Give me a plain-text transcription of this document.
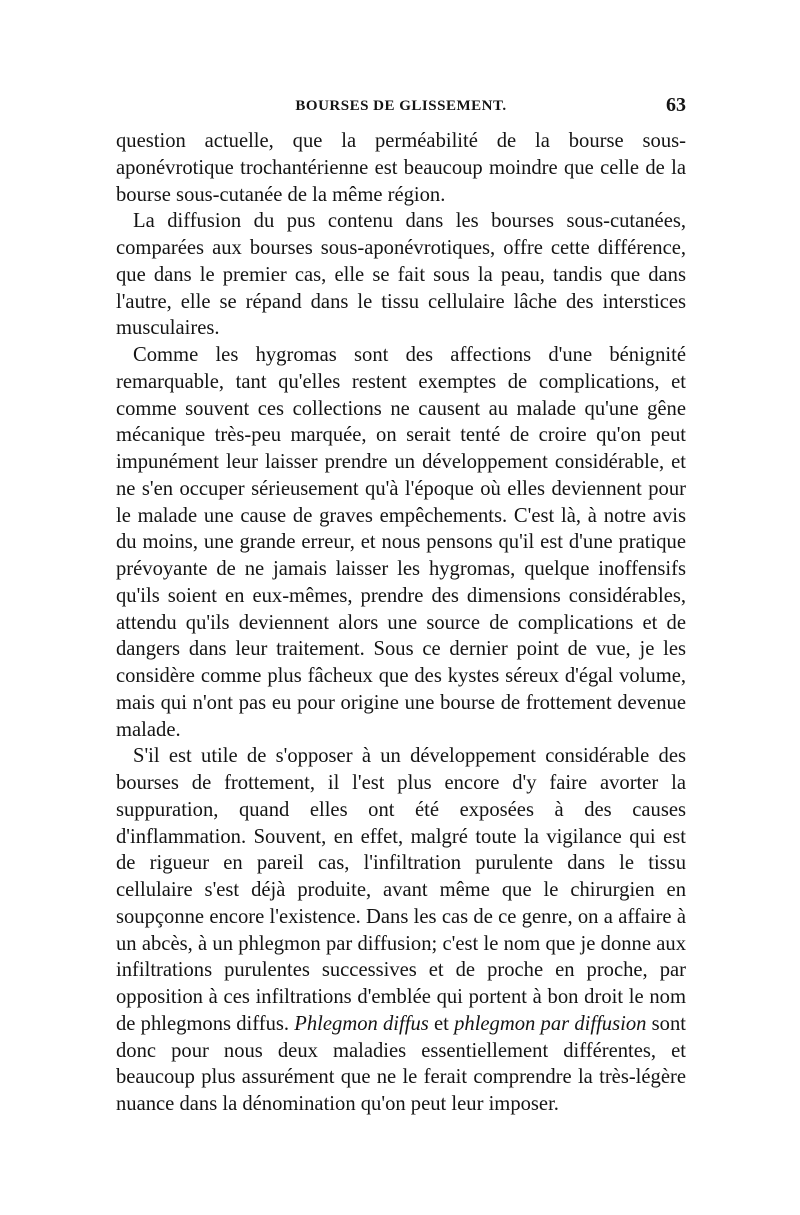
BOURSES DE GLISSEMENT.	63

question actuelle, que la perméabilité de la bourse sous-aponévrotique trochantérienne est beaucoup moindre que celle de la bourse sous-cutanée de la même région.

La diffusion du pus contenu dans les bourses sous-cutanées, comparées aux bourses sous-aponévrotiques, offre cette différence, que dans le premier cas, elle se fait sous la peau, tandis que dans l'autre, elle se répand dans le tissu cellulaire lâche des interstices musculaires.

Comme les hygromas sont des affections d'une bénignité remarquable, tant qu'elles restent exemptes de complications, et comme souvent ces collections ne causent au malade qu'une gêne mécanique très-peu marquée, on serait tenté de croire qu'on peut impunément leur laisser prendre un développement considérable, et ne s'en occuper sérieusement qu'à l'époque où elles deviennent pour le malade une cause de graves empêchements. C'est là, à notre avis du moins, une grande erreur, et nous pensons qu'il est d'une pratique prévoyante de ne jamais laisser les hygromas, quelque inoffensifs qu'ils soient en eux-mêmes, prendre des dimensions considérables, attendu qu'ils deviennent alors une source de complications et de dangers dans leur traitement. Sous ce dernier point de vue, je les considère comme plus fâcheux que des kystes séreux d'égal volume, mais qui n'ont pas eu pour origine une bourse de frottement devenue malade.

S'il est utile de s'opposer à un développement considérable des bourses de frottement, il l'est plus encore d'y faire avorter la suppuration, quand elles ont été exposées à des causes d'inflammation. Souvent, en effet, malgré toute la vigilance qui est de rigueur en pareil cas, l'infiltration purulente dans le tissu cellulaire s'est déjà produite, avant même que le chirurgien en soupçonne encore l'existence. Dans les cas de ce genre, on a affaire à un abcès, à un phlegmon par diffusion; c'est le nom que je donne aux infiltrations purulentes successives et de proche en proche, par opposition à ces infiltrations d'emblée qui portent à bon droit le nom de phlegmons diffus. Phlegmon diffus et phlegmon par diffusion sont donc pour nous deux maladies essentiellement différentes, et beaucoup plus assurément que ne le ferait comprendre la très-légère nuance dans la dénomination qu'on peut leur imposer.
